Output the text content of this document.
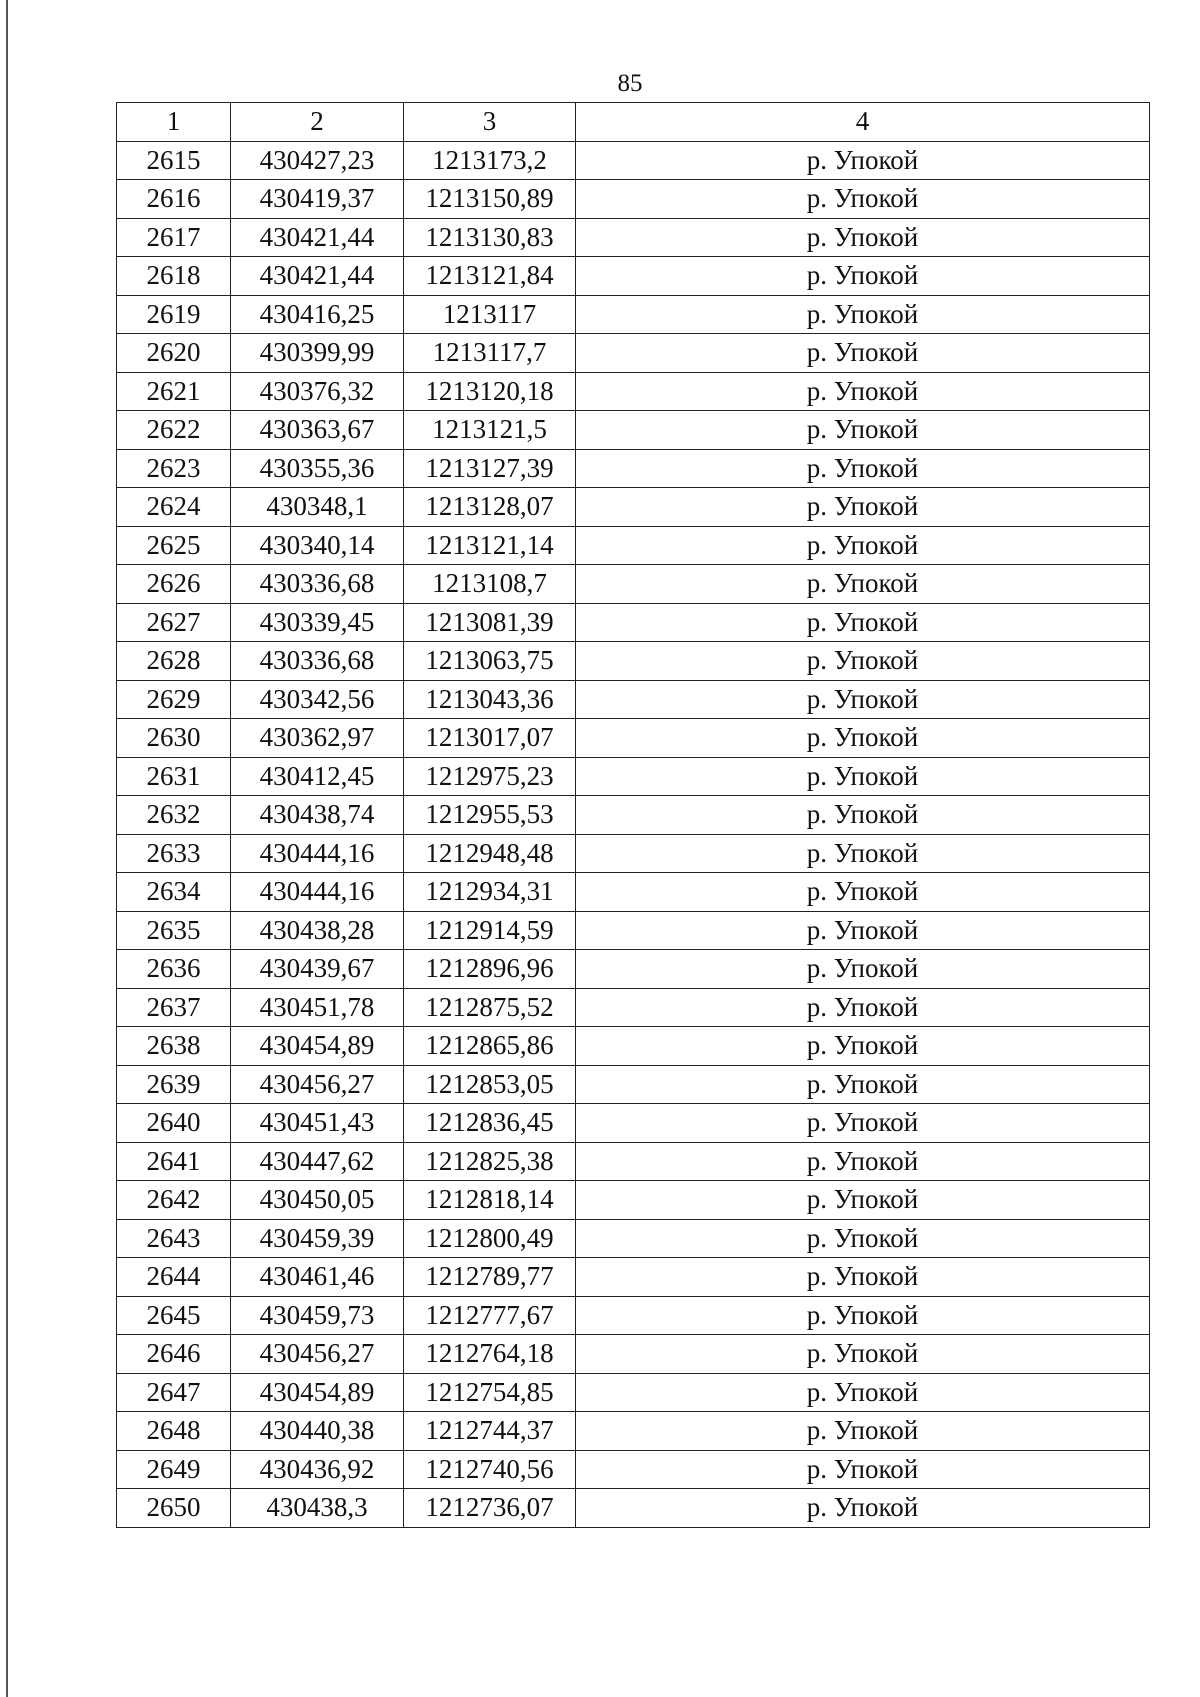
85
1	2	3	4
2615	430427,23	1213173,2	р. Упокой
2616	430419,37	1213150,89	р. Упокой
2617	430421,44	1213130,83	р. Упокой
2618	430421,44	1213121,84	р. Упокой
2619	430416,25	1213117	р. Упокой
2620	430399,99	1213117,7	р. Упокой
2621	430376,32	1213120,18	р. Упокой
2622	430363,67	1213121,5	р. Упокой
2623	430355,36	1213127,39	р. Упокой
2624	430348,1	1213128,07	р. Упокой
2625	430340,14	1213121,14	р. Упокой
2626	430336,68	1213108,7	р. Упокой
2627	430339,45	1213081,39	р. Упокой
2628	430336,68	1213063,75	р. Упокой
2629	430342,56	1213043,36	р. Упокой
2630	430362,97	1213017,07	р. Упокой
2631	430412,45	1212975,23	р. Упокой
2632	430438,74	1212955,53	р. Упокой
2633	430444,16	1212948,48	р. Упокой
2634	430444,16	1212934,31	р. Упокой
2635	430438,28	1212914,59	р. Упокой
2636	430439,67	1212896,96	р. Упокой
2637	430451,78	1212875,52	р. Упокой
2638	430454,89	1212865,86	р. Упокой
2639	430456,27	1212853,05	р. Упокой
2640	430451,43	1212836,45	р. Упокой
2641	430447,62	1212825,38	р. Упокой
2642	430450,05	1212818,14	р. Упокой
2643	430459,39	1212800,49	р. Упокой
2644	430461,46	1212789,77	р. Упокой
2645	430459,73	1212777,67	р. Упокой
2646	430456,27	1212764,18	р. Упокой
2647	430454,89	1212754,85	р. Упокой
2648	430440,38	1212744,37	р. Упокой
2649	430436,92	1212740,56	р. Упокой
2650	430438,3	1212736,07	р. Упокой
